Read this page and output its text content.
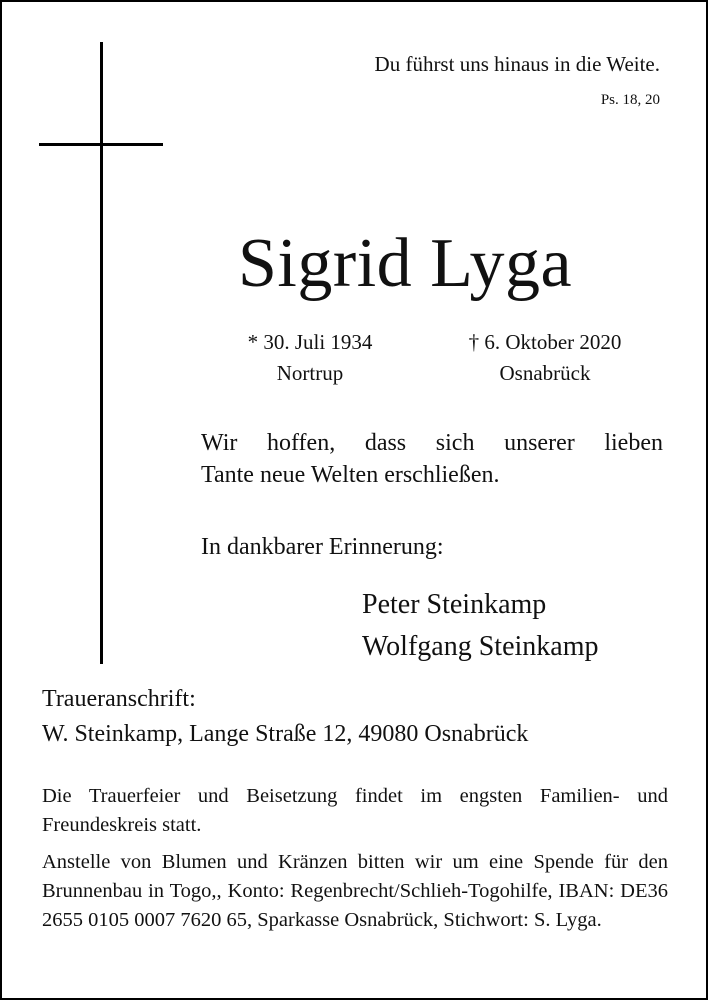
Du führst uns hinaus in die Weite.
Ps. 18, 20
Sigrid Lyga
* 30. Juli 1934
Nortrup
† 6. Oktober 2020
Osnabrück
Wir hoffen, dass sich unserer lieben
Tante neue Welten erschließen.
In dankbarer Erinnerung:
Peter Steinkamp
Wolfgang Steinkamp
Traueranschrift:
W. Steinkamp, Lange Straße 12, 49080 Osnabrück
Die Trauerfeier und Beisetzung findet im engsten Familien- und Freundeskreis statt.
Anstelle von Blumen und Kränzen bitten wir um eine Spende für den Brunnenbau in Togo,, Konto: Regenbrecht/Schlieh-Togohilfe, IBAN: DE36 2655 0105 0007 7620 65, Sparkasse Osnabrück, Stichwort: S. Lyga.
